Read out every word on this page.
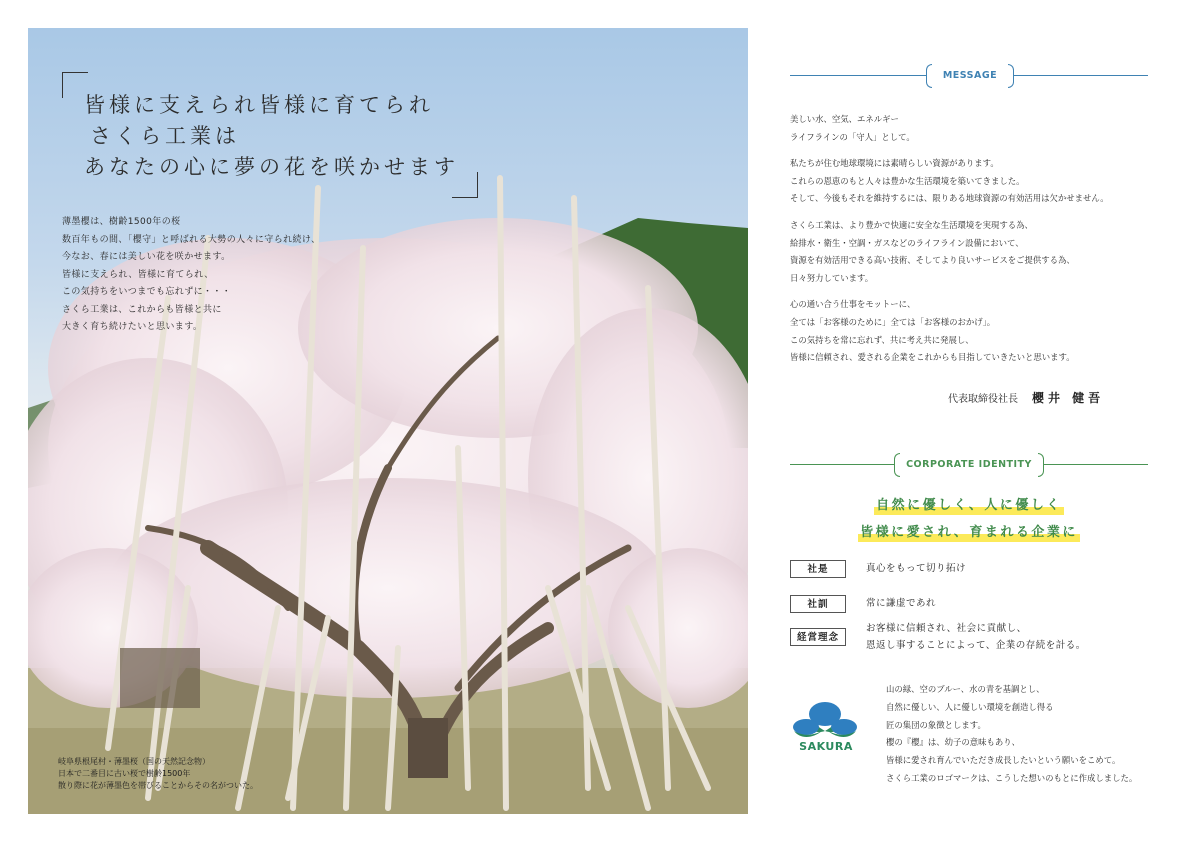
皆様に支えられ皆様に育てられ
さくら工業は
あなたの心に夢の花を咲かせます
薄墨櫻は、樹齢1500年の桜
数百年もの間、「櫻守」と呼ばれる大勢の人々に守られ続け、
今なお、春には美しい花を咲かせます。
皆様に支えられ、皆様に育てられ、
この気持ちをいつまでも忘れずに・・・
さくら工業は、これからも皆様と共に
大きく育ち続けたいと思います。
岐阜県根尾村・薄墨桜（国の天然記念物）
日本で二番目に古い桜で樹齢1500年
散り際に花が薄墨色を帯びることからその名がついた。
MESSAGE

美しい水、空気、エネルギー
ライフラインの「守人」として。

私たちが住む地球環境には素晴らしい資源があります。
これらの恩恵のもと人々は豊かな生活環境を築いてきました。
そして、今後もそれを維持するには、限りある地球資源の有効活用は欠かせません。

さくら工業は、より豊かで快適に安全な生活環境を実現する為、
給排水・衛生・空調・ガスなどのライフライン設備において、
資源を有効活用できる高い技術、そしてより良いサービスをご提供する為、
日々努力しています。

心の通い合う仕事をモットーに、
全ては「お客様のために」全ては「お客様のおかげ」。
この気持ちを常に忘れず、共に考え共に発展し、
皆様に信頼され、愛される企業をこれからも目指していきたいと思います。

代表取締役社長 櫻井 健吾
CORPORATE IDENTITY
自然に優しく、人に優しく
皆様に愛され、育まれる企業に
社是	真心をもって切り拓け
社訓	常に謙虚であれ
経営理念
お客様に信頼され、社会に貢献し、
恩返し事することによって、企業の存続を計る。
SAKURA
山の緑、空のブルー、水の青を基調とし、
自然に優しい、人に優しい環境を創造し得る
匠の集団の象徴とします。
櫻の『櫻』は、幼子の意味もあり、
皆様に愛され育んでいただき成長したいという願いをこめて。
さくら工業のロゴマークは、こうした想いのもとに作成しました。
